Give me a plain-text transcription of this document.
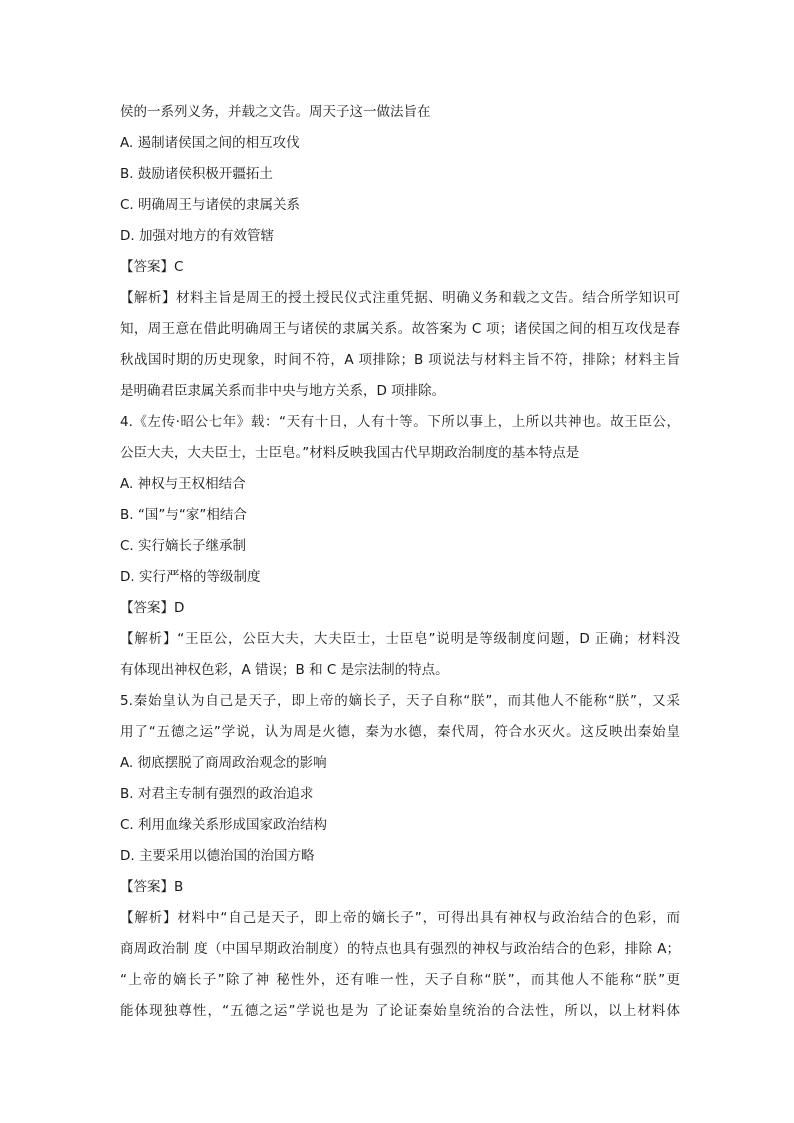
侯的一系列义务，并载之文告。周天子这一做法旨在
A. 遏制诸侯国之间的相互攻伐
B. 鼓励诸侯积极开疆拓土
C. 明确周王与诸侯的隶属关系
D. 加强对地方的有效管辖
【答案】C
【解析】材料主旨是周王的授土授民仪式注重凭据、明确义务和载之文告。结合所学知识可
知，周王意在借此明确周王与诸侯的隶属关系。故答案为 C 项；诸侯国之间的相互攻伐是春
秋战国时期的历史现象，时间不符，A 项排除；B 项说法与材料主旨不符，排除；材料主旨
是明确君臣隶属关系而非中央与地方关系，D 项排除。
4.《左传·昭公七年》载：“天有十日，人有十等。下所以事上，上所以共神也。故王臣公，
公臣大夫，大夫臣士，士臣皂。”材料反映我国古代早期政治制度的基本特点是
A. 神权与王权相结合
B. “国”与“家”相结合
C. 实行嫡长子继承制
D. 实行严格的等级制度
【答案】D
【解析】“王臣公，公臣大夫，大夫臣士，士臣皂”说明是等级制度问题，D 正确；材料没
有体现出神权色彩，A 错误；B 和 C 是宗法制的特点。
5.秦始皇认为自己是天子，即上帝的嫡长子，天子自称“朕”，而其他人不能称“朕”，又采
用了“五德之运”学说，认为周是火德，秦为水德，秦代周，符合水灭火。这反映出秦始皇
A. 彻底摆脱了商周政治观念的影响
B. 对君主专制有强烈的政治追求
C. 利用血缘关系形成国家政治结构
D. 主要采用以德治国的治国方略
【答案】B
【解析】材料中“自己是天子，即上帝的嫡长子”，可得出具有神权与政治结合的色彩，而
商周政治制 度（中国早期政治制度）的特点也具有强烈的神权与政治结合的色彩，排除 A；
“上帝的嫡长子”除了神 秘性外，还有唯一性，天子自称“朕”，而其他人不能称“朕”更
能体现独尊性，“五德之运”学说也是为 了论证秦始皇统治的合法性，所以，以上材料体
